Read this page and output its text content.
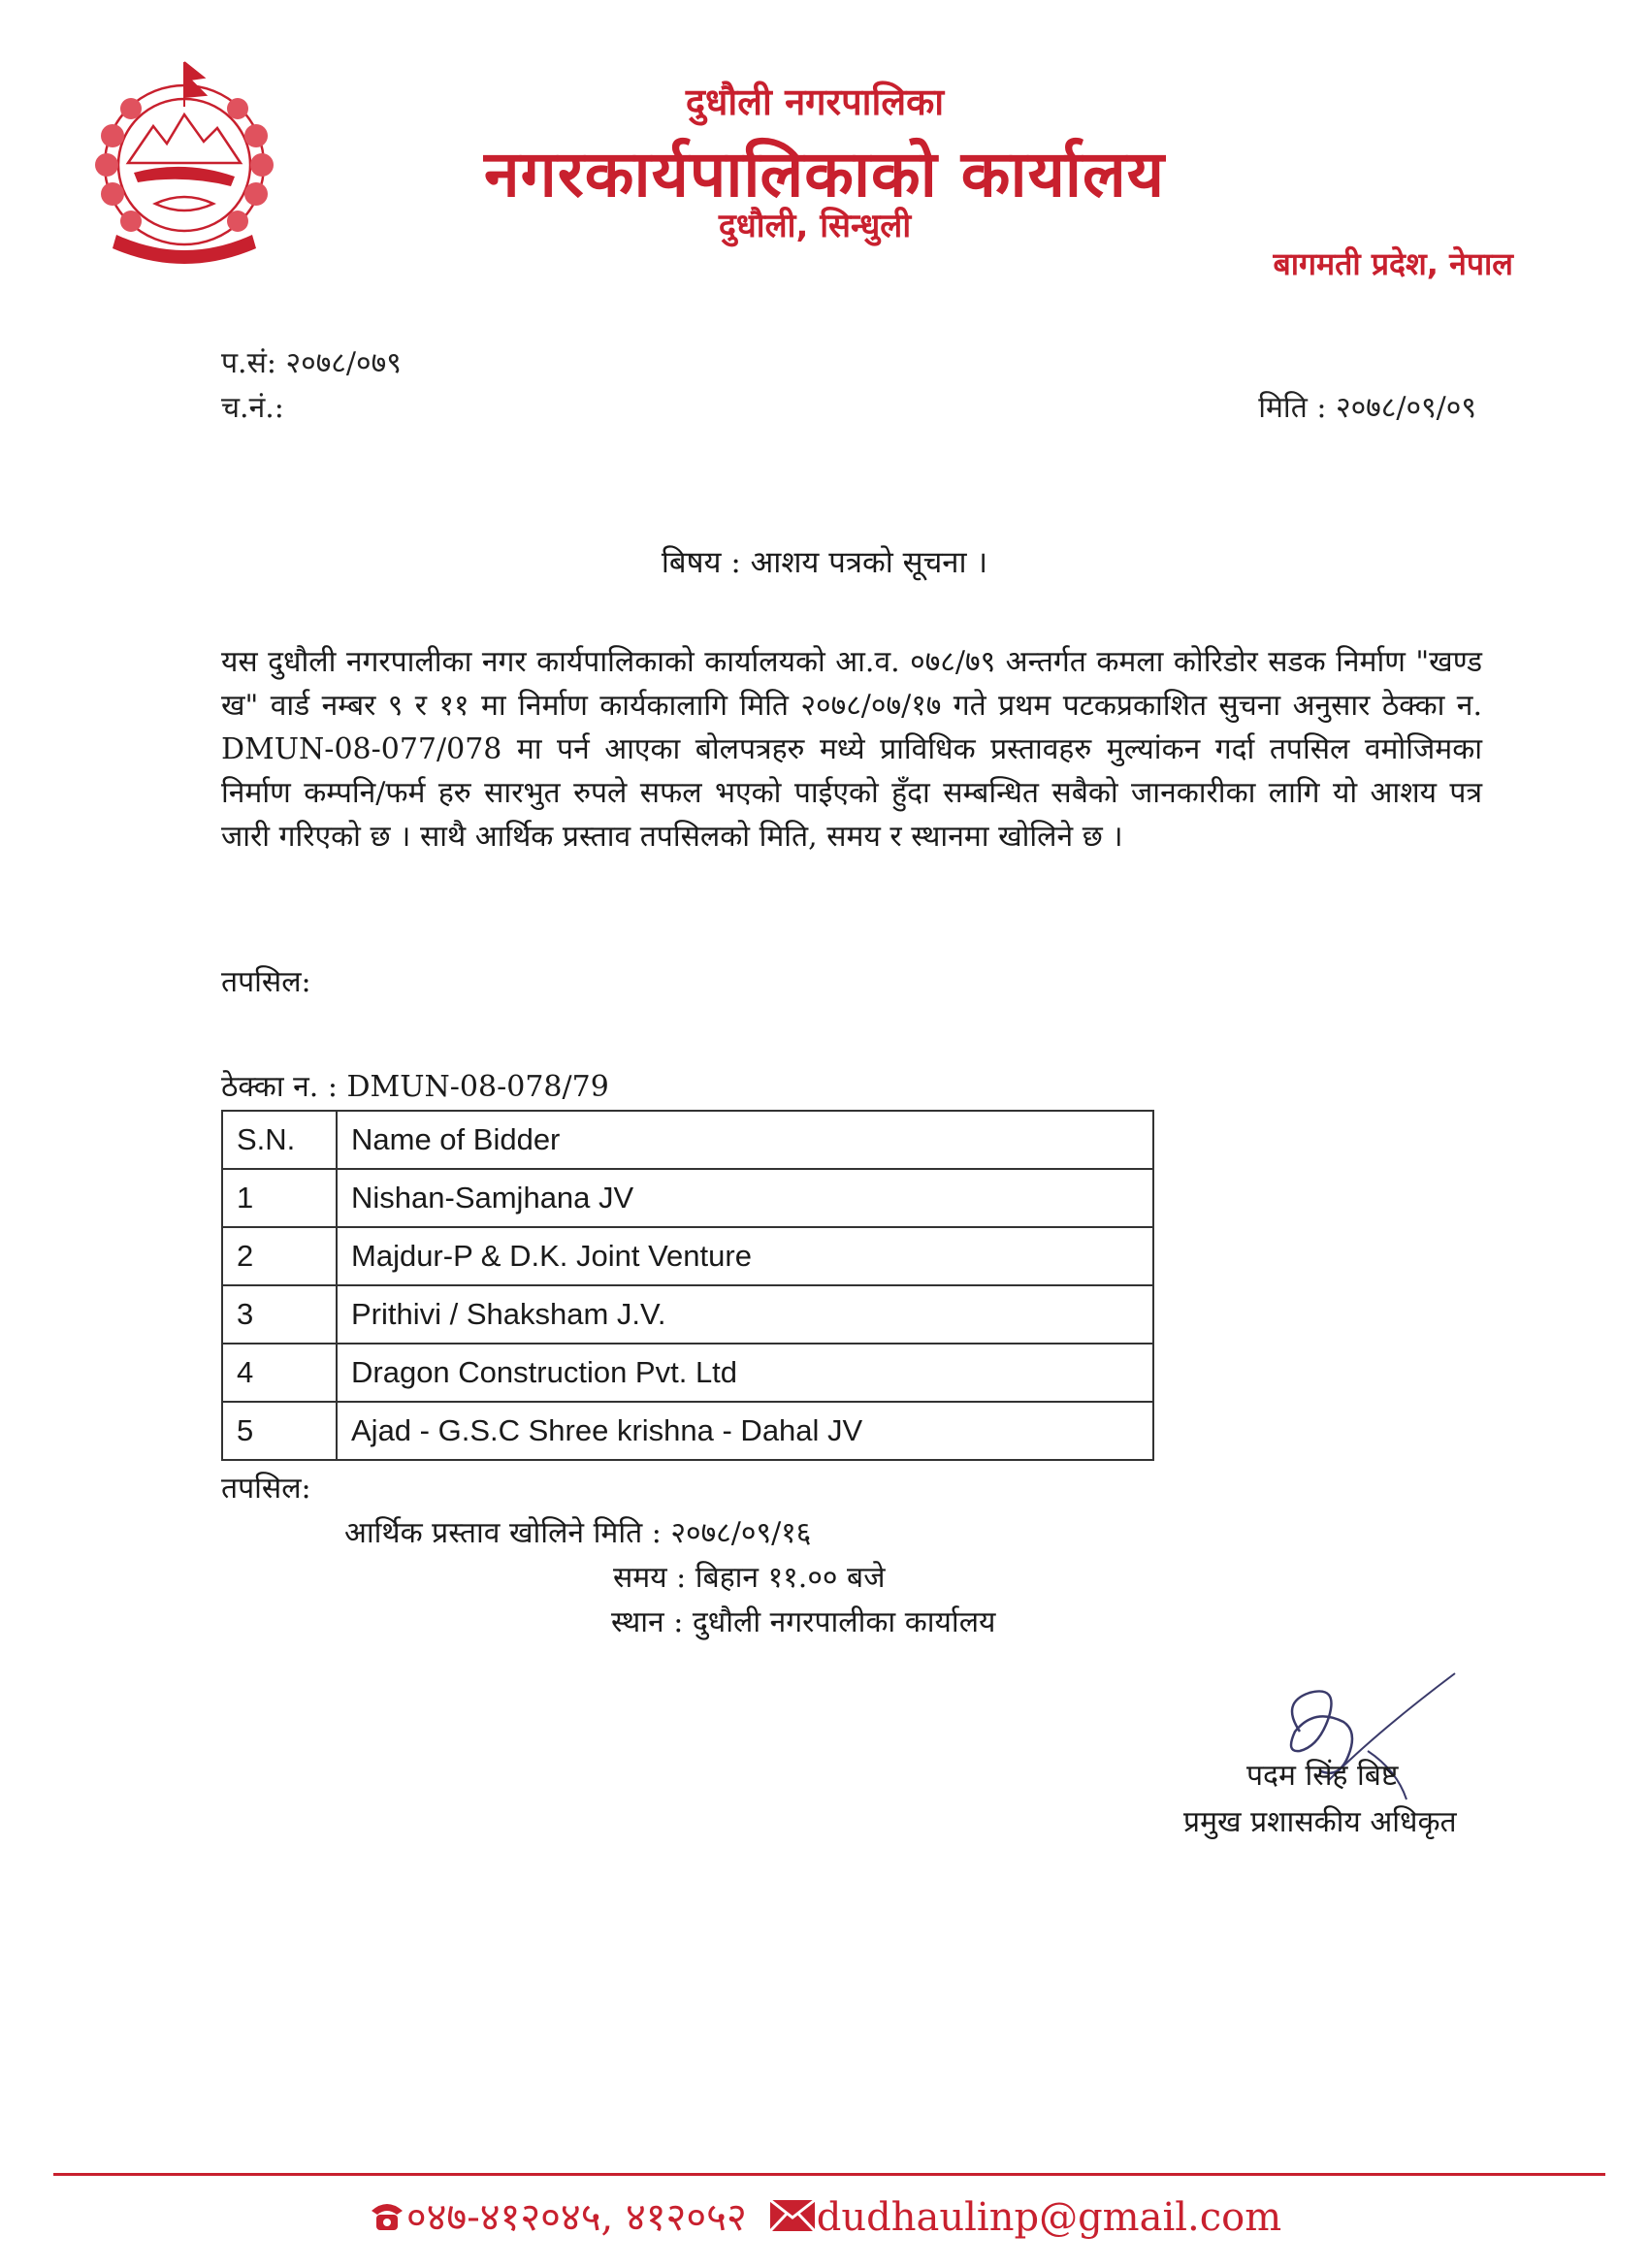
दुधौली नगरपालिका
नगरकार्यपालिकाको कार्यालय
दुधौली, सिन्धुली
बागमती प्रदेश, नेपाल
प.सं: २०७८/०७९
च.नं.:	मिति : २०७८/०९/०९
बिषय : आशय पत्रको सूचना ।
यस दुधौली नगरपालीका नगर कार्यपालिकाको कार्यालयको आ.व. ०७८/७९ अन्तर्गत कमला कोरिडोर सडक निर्माण "खण्ड ख" वार्ड नम्बर ९ र ११ मा निर्माण कार्यकालागि मिति २०७८/०७/१७ गते प्रथम पटकप्रकाशित सुचना अनुसार ठेक्का न. DMUN-08-077/078 मा पर्न आएका बोलपत्रहरु मध्ये प्राविधिक प्रस्तावहरु मुल्यांकन गर्दा तपसिल वमोजिमका निर्माण कम्पनि/फर्म हरु सारभुत रुपले सफल भएको पाईएको हुँदा सम्बन्धित सबैको जानकारीका लागि यो आशय पत्र जारी गरिएको छ । साथै आर्थिक प्रस्ताव तपसिलको मिति, समय र स्थानमा खोलिने छ ।
तपसिल:
ठेक्का न. : DMUN-08-078/79
S.N.	Name of Bidder
1	Nishan-Samjhana JV
2	Majdur-P & D.K. Joint Venture
3	Prithivi / Shaksham J.V.
4	Dragon Construction Pvt. Ltd
5	Ajad - G.S.C Shree krishna - Dahal JV
तपसिल:
आर्थिक प्रस्ताव खोलिने मिति : २०७८/०९/१६
समय : बिहान ११.०० बजे
स्थान : दुधौली नगरपालीका कार्यालय
पदम सिंह बिष्ट
प्रमुख प्रशासकीय अधिकृत
०४७-४१२०४५, ४१२०५२ dudhaulinp@gmail.com
